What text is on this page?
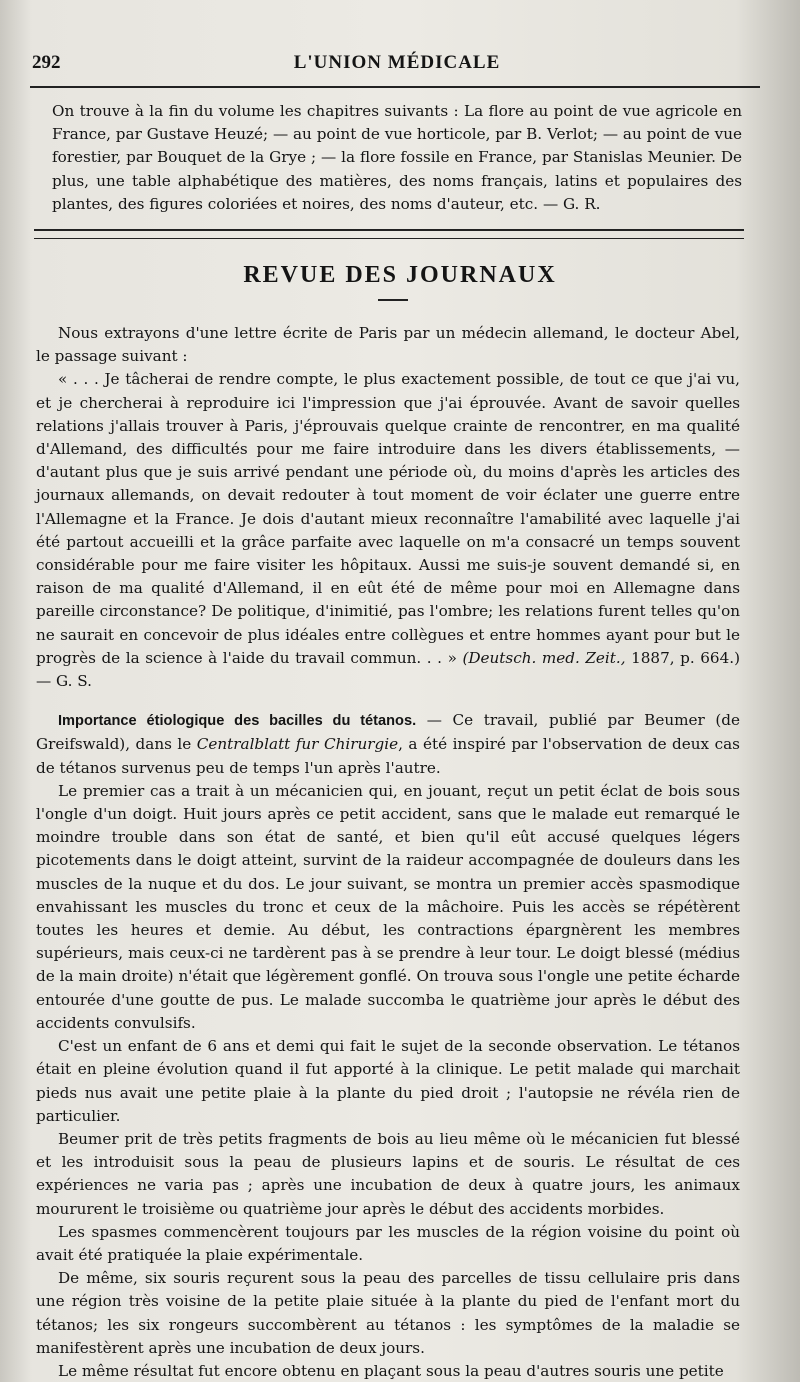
292	L'UNION MÉDICALE

On trouve à la fin du volume les chapitres suivants : La flore au point de vue agricole en France, par Gustave Heuzé; — au point de vue horticole, par B. Verlot; — au point de vue forestier, par Bouquet de la Grye ; — la flore fossile en France, par Stanislas Meunier. De plus, une table alphabétique des matières, des noms français, latins et populaires des plantes, des figures coloriées et noires, des noms d'auteur, etc. — G. R.

REVUE DES JOURNAUX

Nous extrayons d'une lettre écrite de Paris par un médecin allemand, le docteur Abel, le passage suivant :

« . . . Je tâcherai de rendre compte, le plus exactement possible, de tout ce que j'ai vu, et je chercherai à reproduire ici l'impression que j'ai éprouvée. Avant de savoir quelles relations j'allais trouver à Paris, j'éprouvais quelque crainte de rencontrer, en ma qualité d'Allemand, des difficultés pour me faire introduire dans les divers établissements, — d'autant plus que je suis arrivé pendant une période où, du moins d'après les articles des journaux allemands, on devait redouter à tout moment de voir éclater une guerre entre l'Allemagne et la France. Je dois d'autant mieux reconnaître l'amabilité avec laquelle j'ai été partout accueilli et la grâce parfaite avec laquelle on m'a consacré un temps souvent considérable pour me faire visiter les hôpitaux. Aussi me suis-je souvent demandé si, en raison de ma qualité d'Allemand, il en eût été de même pour moi en Allemagne dans pareille circonstance? De politique, d'inimitié, pas l'ombre; les relations furent telles qu'on ne saurait en concevoir de plus idéales entre collègues et entre hommes ayant pour but le progrès de la science à l'aide du travail commun. . . » (Deutsch. med. Zeit., 1887, p. 664.) — G. S.

Importance étiologique des bacilles du tétanos. — Ce travail, publié par Beumer (de Greifswald), dans le Centralblatt fur Chirurgie, a été inspiré par l'observation de deux cas de tétanos survenus peu de temps l'un après l'autre.

Le premier cas a trait à un mécanicien qui, en jouant, reçut un petit éclat de bois sous l'ongle d'un doigt. Huit jours après ce petit accident, sans que le malade eut remarqué le moindre trouble dans son état de santé, et bien qu'il eût accusé quelques légers picotements dans le doigt atteint, survint de la raideur accompagnée de douleurs dans les muscles de la nuque et du dos. Le jour suivant, se montra un premier accès spasmodique envahissant les muscles du tronc et ceux de la mâchoire. Puis les accès se répétèrent toutes les heures et demie. Au début, les contractions épargnèrent les membres supérieurs, mais ceux-ci ne tardèrent pas à se prendre à leur tour. Le doigt blessé (médius de la main droite) n'était que légèrement gonflé. On trouva sous l'ongle une petite écharde entourée d'une goutte de pus. Le malade succomba le quatrième jour après le début des accidents convulsifs.

C'est un enfant de 6 ans et demi qui fait le sujet de la seconde observation. Le tétanos était en pleine évolution quand il fut apporté à la clinique. Le petit malade qui marchait pieds nus avait une petite plaie à la plante du pied droit ; l'autopsie ne révéla rien de particulier.

Beumer prit de très petits fragments de bois au lieu même où le mécanicien fut blessé et les introduisit sous la peau de plusieurs lapins et de souris. Le résultat de ces expériences ne varia pas ; après une incubation de deux à quatre jours, les animaux moururent le troisième ou quatrième jour après le début des accidents morbides.

Les spasmes commencèrent toujours par les muscles de la région voisine du point où avait été pratiquée la plaie expérimentale.

De même, six souris reçurent sous la peau des parcelles de tissu cellulaire pris dans une région très voisine de la petite plaie située à la plante du pied de l'enfant mort du tétanos; les six rongeurs succombèrent au tétanos : les symptômes de la maladie se manifestèrent après une incubation de deux jours.

Le même résultat fut encore obtenu en plaçant sous la peau d'autres souris une petite
